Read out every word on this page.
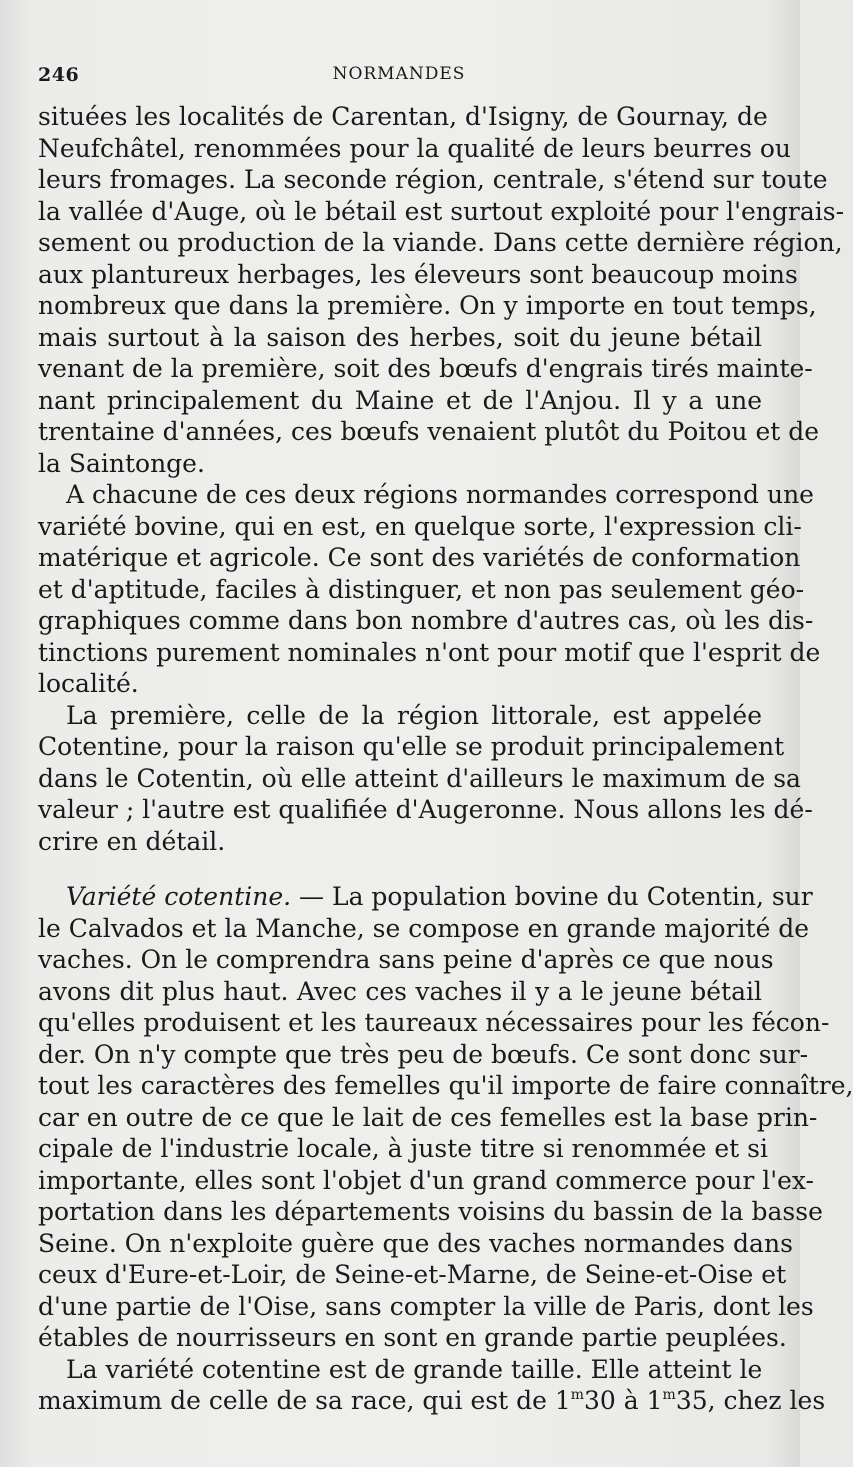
246	NORMANDES
situées les localités de Carentan, d'Isigny, de Gournay, de
Neufchâtel, renommées pour la qualité de leurs beurres ou
leurs fromages. La seconde région, centrale, s'étend sur toute
la vallée d'Auge, où le bétail est surtout exploité pour l'engrais-
sement ou production de la viande. Dans cette dernière région,
aux plantureux herbages, les éleveurs sont beaucoup moins
nombreux que dans la première. On y importe en tout temps,
mais surtout à la saison des herbes, soit du jeune bétail
venant de la première, soit des bœufs d'engrais tirés mainte-
nant principalement du Maine et de l'Anjou. Il y a une
trentaine d'années, ces bœufs venaient plutôt du Poitou et de
la Saintonge.
A chacune de ces deux régions normandes correspond une
variété bovine, qui en est, en quelque sorte, l'expression cli-
matérique et agricole. Ce sont des variétés de conformation
et d'aptitude, faciles à distinguer, et non pas seulement géo-
graphiques comme dans bon nombre d'autres cas, où les dis-
tinctions purement nominales n'ont pour motif que l'esprit de
localité.
La première, celle de la région littorale, est appelée
Cotentine, pour la raison qu'elle se produit principalement
dans le Cotentin, où elle atteint d'ailleurs le maximum de sa
valeur ; l'autre est qualifiée d'Augeronne. Nous allons les dé-
crire en détail.
Variété cotentine. — La population bovine du Cotentin, sur
le Calvados et la Manche, se compose en grande majorité de
vaches. On le comprendra sans peine d'après ce que nous
avons dit plus haut. Avec ces vaches il y a le jeune bétail
qu'elles produisent et les taureaux nécessaires pour les fécon-
der. On n'y compte que très peu de bœufs. Ce sont donc sur-
tout les caractères des femelles qu'il importe de faire connaître,
car en outre de ce que le lait de ces femelles est la base prin-
cipale de l'industrie locale, à juste titre si renommée et si
importante, elles sont l'objet d'un grand commerce pour l'ex-
portation dans les départements voisins du bassin de la basse
Seine. On n'exploite guère que des vaches normandes dans
ceux d'Eure-et-Loir, de Seine-et-Marne, de Seine-et-Oise et
d'une partie de l'Oise, sans compter la ville de Paris, dont les
étables de nourrisseurs en sont en grande partie peuplées.
La variété cotentine est de grande taille. Elle atteint le
maximum de celle de sa race, qui est de 1$^m$30 à 1$^m$35, chez les
